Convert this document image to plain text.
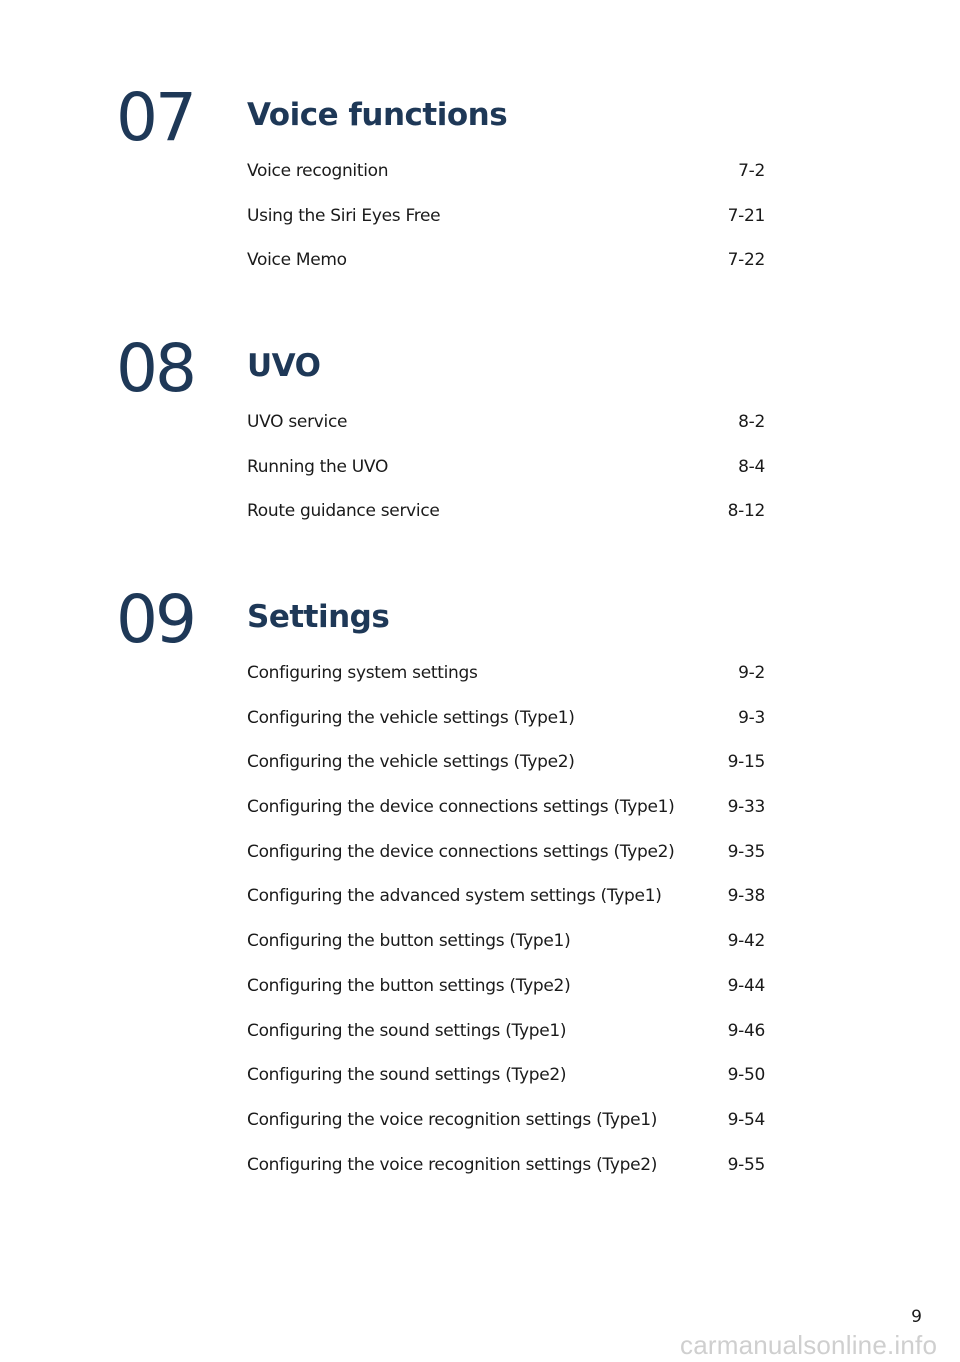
07 Voice functions
Voice recognition	7-2
Using the Siri Eyes Free	7-21
Voice Memo	7-22
08 UVO
UVO service	8-2
Running the UVO	8-4
Route guidance service	8-12
09 Settings
Configuring system settings	9-2
Configuring the vehicle settings (Type1)	9-3
Configuring the vehicle settings (Type2)	9-15
Configuring the device connections settings (Type1)	9-33
Configuring the device connections settings (Type2)	9-35
Configuring the advanced system settings (Type1)	9-38
Configuring the button settings (Type1)	9-42
Configuring the button settings (Type2)	9-44
Configuring the sound settings (Type1)	9-46
Configuring the sound settings (Type2)	9-50
Configuring the voice recognition settings (Type1)	9-54
Configuring the voice recognition settings (Type2)	9-55
9
carmanualsonline.info
